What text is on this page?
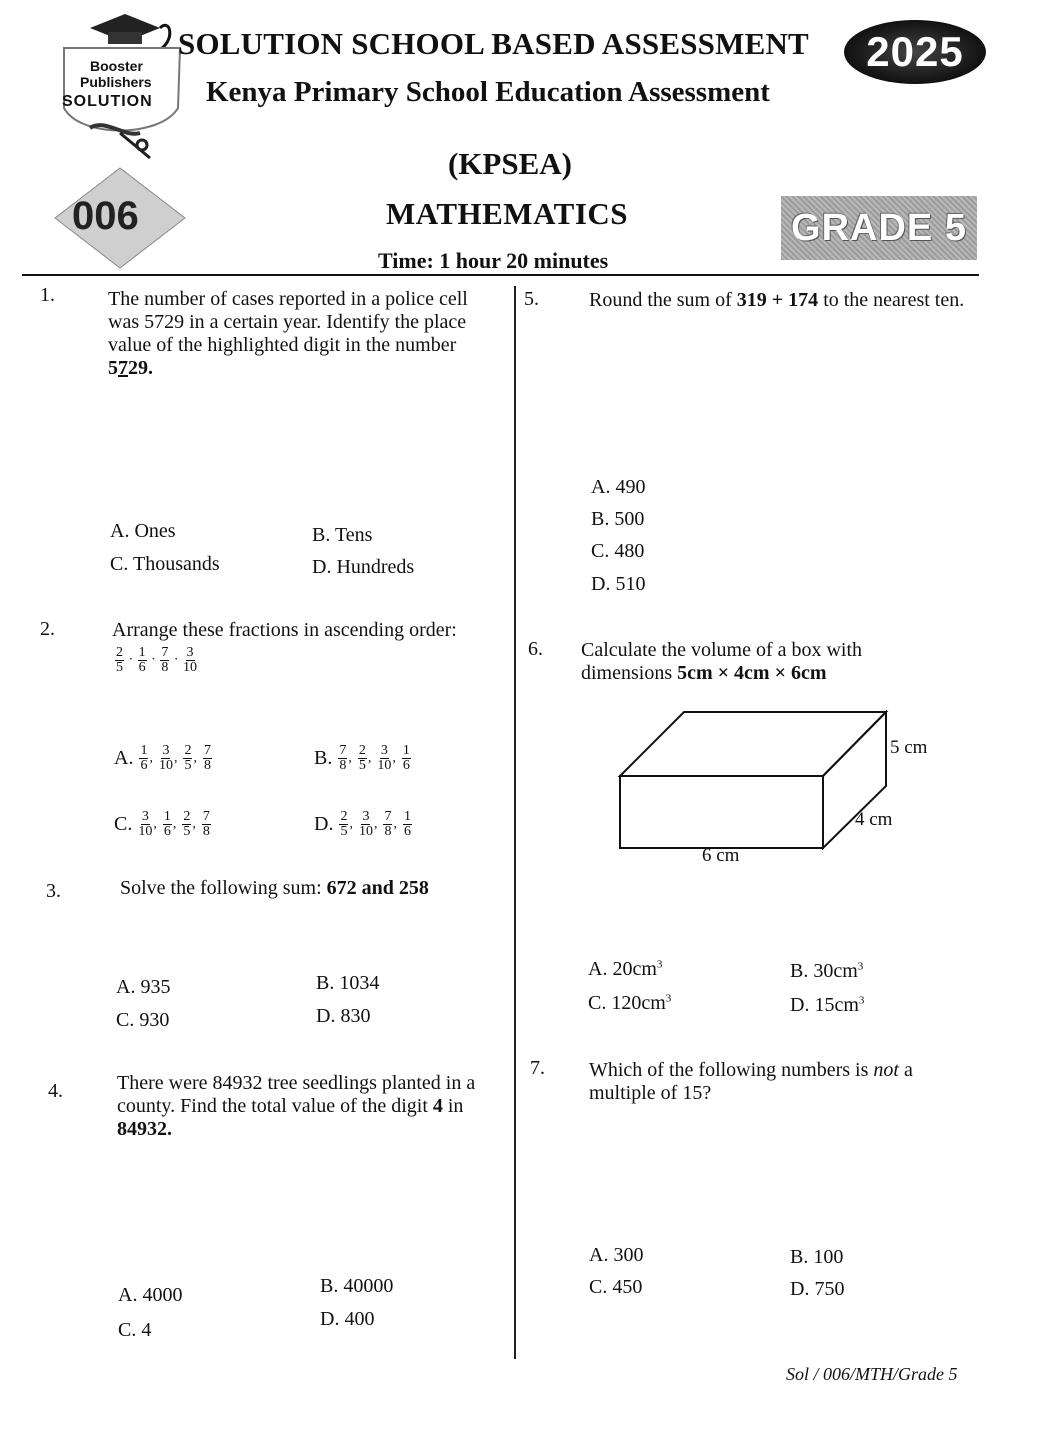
Booster
Publishers
SOLUTION
006
SOLUTION SCHOOL BASED ASSESSMENT	2025
Kenya Primary School Education Assessment
(KPSEA)
MATHEMATICS	GRADE 5
Time: 1 hour 20 minutes
1.	The number of cases reported in a police cell was 5729 in a certain year. Identify the place value of the highlighted digit in the number 5729.
A. Ones	B. Tens
C. Thousands	D. Hundreds
2.	Arrange these fractions in ascending order:
$\frac{2}{5} \cdot \frac{1}{6} \cdot \frac{7}{8} \cdot \frac{3}{10}$
A. $\frac{1}{6}$ , $\frac{3}{10}$ , $\frac{2}{5}$ , $\frac{7}{8}$	B. $\frac{7}{8}$ , $\frac{2}{5}$ , $\frac{3}{10}$ , $\frac{1}{6}$
C. $\frac{3}{10}$ , $\frac{1}{6}$ , $\frac{2}{5}$ , $\frac{7}{8}$	D. $\frac{2}{5}$ , $\frac{3}{10}$ , $\frac{7}{8}$ , $\frac{1}{6}$
3.	Solve the following sum: 672 and 258
A. 935	B. 1034
C. 930	D. 830
4.	There were 84932 tree seedlings planted in a county. Find the total value of the digit 4 in 84932.
A. 4000	B. 40000
C. 4	D. 400
5.	Round the sum of 319 + 174 to the nearest ten.
A. 490
B. 500
C. 480
D. 510
6. Calculate the volume of a box with dimensions 5cm × 4cm × 6cm
5 cm
4 cm
6 cm
A. $20cm^3$	B. $30cm^3$
C. $120cm^3$	D. $15cm^3$
7. Which of the following numbers is not a multiple of 15?
A. 300	B. 100
C. 450	D. 750
Sol / 006/MTH/Grade 5
